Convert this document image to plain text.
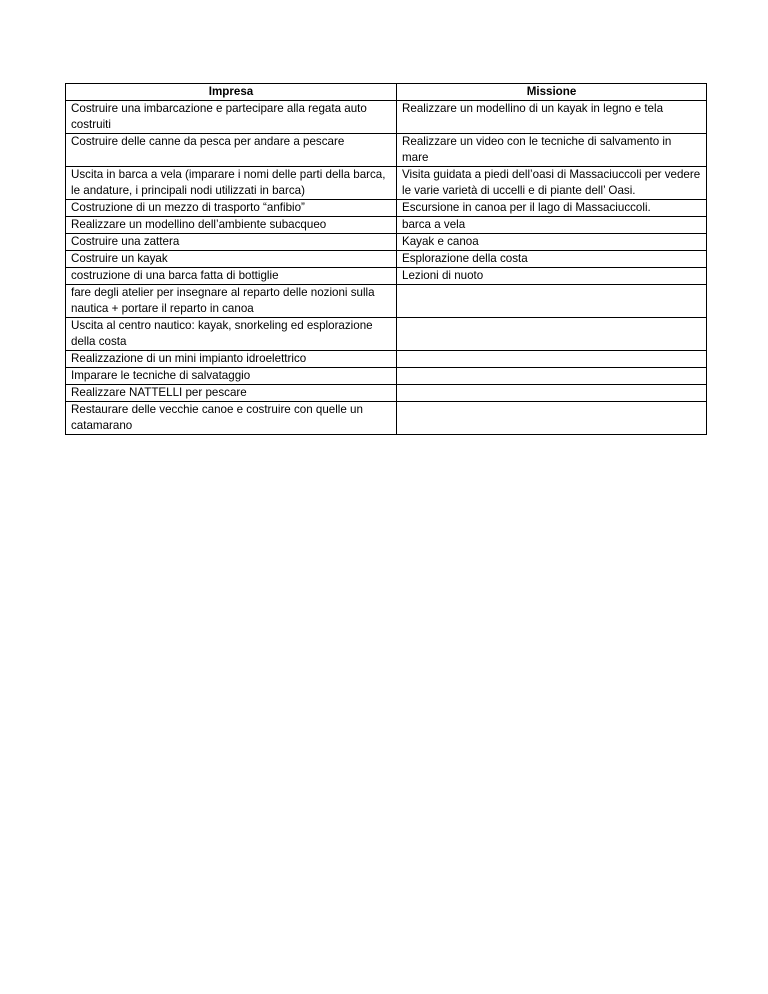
Impresa	Missione
Costruire una imbarcazione e partecipare alla regata auto costruiti	Realizzare un modellino di un kayak in legno e tela
Costruire delle canne da pesca per andare a pescare	Realizzare un video con le tecniche di salvamento in mare
Uscita in barca a vela (imparare i nomi delle parti della barca, le andature, i principali nodi utilizzati in barca)	Visita guidata a piedi dell’oasi di Massaciuccoli per vedere le varie varietà di uccelli e di piante dell’ Oasi.
Costruzione di un mezzo di trasporto “anfibio”	Escursione in canoa per il lago di Massaciuccoli.
Realizzare un modellino dell’ambiente subacqueo	barca a vela
Costruire una zattera	Kayak e canoa
Costruire un kayak	Esplorazione della costa
costruzione di una barca fatta di bottiglie	Lezioni di nuoto
fare degli atelier per insegnare al reparto delle nozioni sulla nautica + portare il reparto in canoa	
Uscita al centro nautico: kayak, snorkeling ed esplorazione della costa	
Realizzazione di un mini impianto idroelettrico	
Imparare le tecniche di salvataggio	
Realizzare NATTELLI per pescare	
Restaurare delle vecchie canoe e costruire con quelle un catamarano	
